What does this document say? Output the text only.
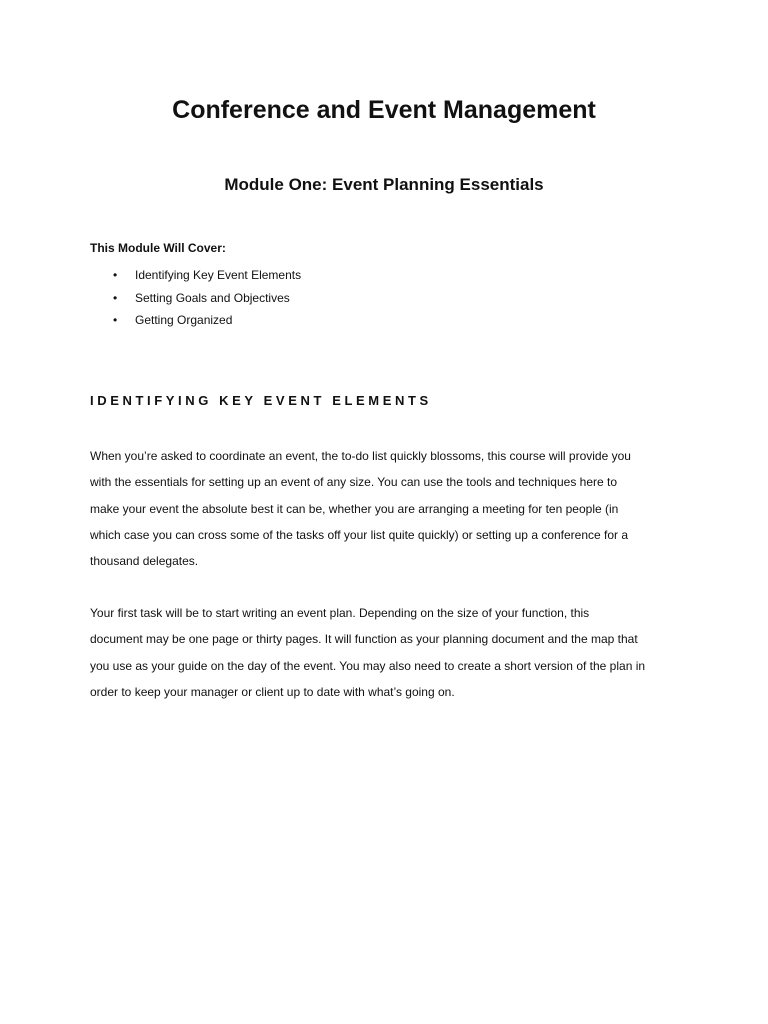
Conference and Event Management
Module One: Event Planning Essentials
This Module Will Cover:
• Identifying Key Event Elements
• Setting Goals and Objectives
• Getting Organized
IDENTIFYING KEY EVENT ELEMENTS

When you’re asked to coordinate an event, the to-do list quickly blossoms, this course will provide you
with the essentials for setting up an event of any size. You can use the tools and techniques here to
make your event the absolute best it can be, whether you are arranging a meeting for ten people (in
which case you can cross some of the tasks off your list quite quickly) or setting up a conference for a
thousand delegates.

Your first task will be to start writing an event plan. Depending on the size of your function, this
document may be one page or thirty pages. It will function as your planning document and the map that
you use as your guide on the day of the event. You may also need to create a short version of the plan in
order to keep your manager or client up to date with what’s going on.
